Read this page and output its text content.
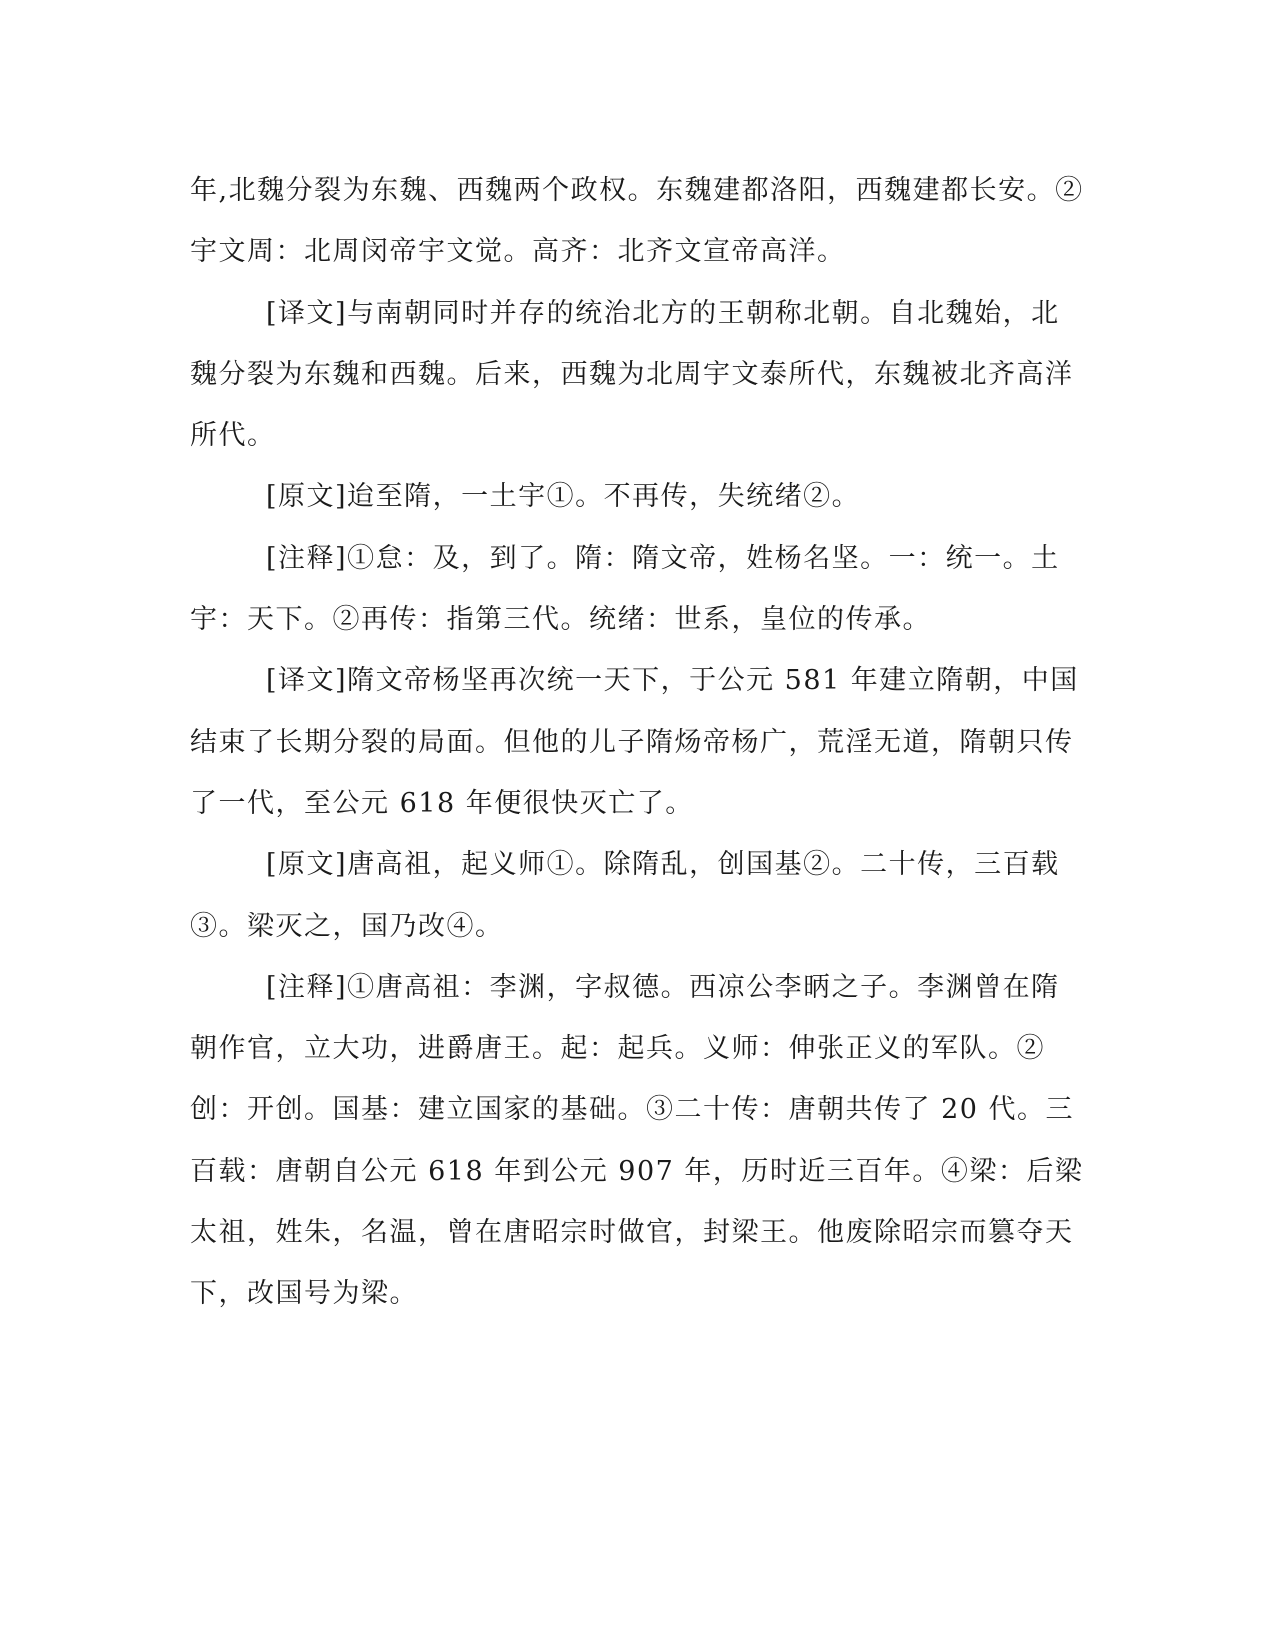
年,北魏分裂为东魏、西魏两个政权。东魏建都洛阳，西魏建都长安。②宇文周：北周闵帝宇文觉。高齐：北齐文宣帝高洋。

[译文]与南朝同时并存的统治北方的王朝称北朝。自北魏始，北魏分裂为东魏和西魏。后来，西魏为北周宇文泰所代，东魏被北齐高洋所代。

[原文]迨至隋，一土宇①。不再传，失统绪②。

[注释]①怠：及，到了。隋：隋文帝，姓杨名坚。一：统一。土宇：天下。②再传：指第三代。统绪：世系，皇位的传承。

[译文]隋文帝杨坚再次统一天下，于公元 581 年建立隋朝，中国结束了长期分裂的局面。但他的儿子隋炀帝杨广，荒淫无道，隋朝只传了一代，至公元 618 年便很快灭亡了。

[原文]唐高祖，起义师①。除隋乱，创国基②。二十传，三百载③。梁灭之，国乃改④。

[注释]①唐高祖：李渊，字叔德。西凉公李昞之子。李渊曾在隋朝作官，立大功，进爵唐王。起：起兵。义师：伸张正义的军队。②创：开创。国基：建立国家的基础。③二十传：唐朝共传了 20 代。三百载：唐朝自公元 618 年到公元 907 年，历时近三百年。④梁：后梁太祖，姓朱，名温，曾在唐昭宗时做官，封梁王。他废除昭宗而篡夺天下，改国号为梁。
